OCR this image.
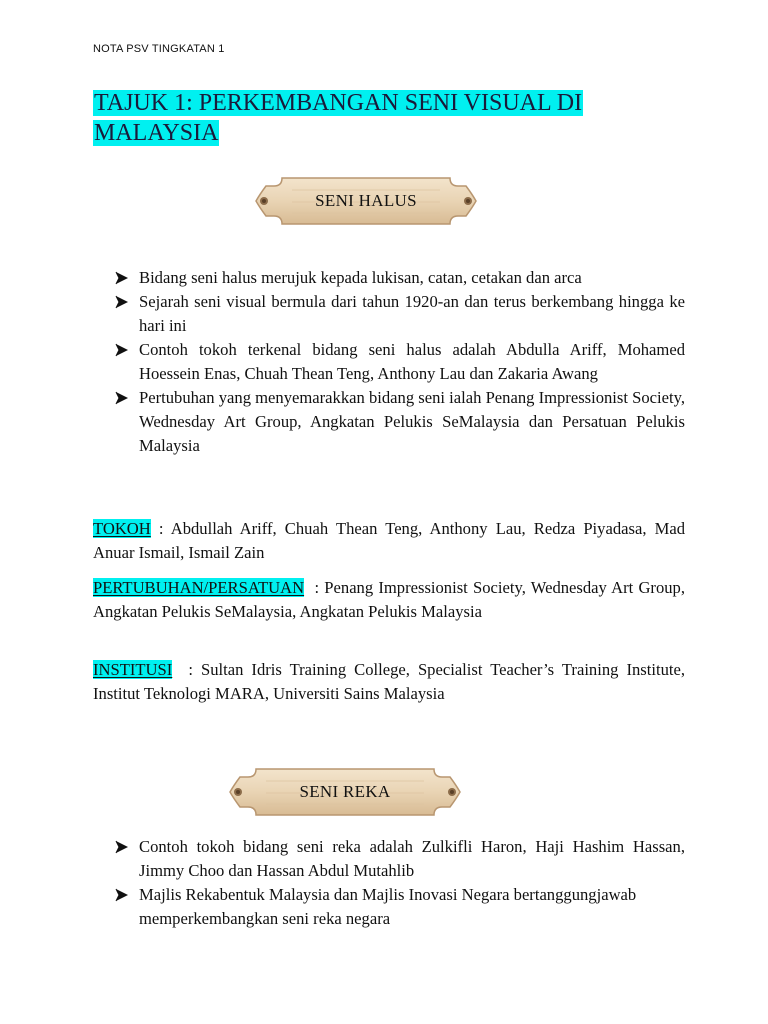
NOTA PSV TINGKATAN 1
TAJUK 1: PERKEMBANGAN SENI VISUAL DI MALAYSIA
SENI HALUS
Bidang seni halus merujuk kepada lukisan, catan, cetakan dan arca
Sejarah seni visual bermula dari tahun 1920-an dan terus berkembang hingga ke hari ini
Contoh tokoh terkenal bidang seni halus adalah Abdulla Ariff, Mohamed Hoessein Enas, Chuah Thean Teng, Anthony Lau dan Zakaria Awang
Pertubuhan yang menyemarakkan bidang seni ialah Penang Impressionist Society, Wednesday Art Group, Angkatan Pelukis SeMalaysia dan Persatuan Pelukis Malaysia
TOKOH : Abdullah Ariff, Chuah Thean Teng, Anthony Lau, Redza Piyadasa, Mad     Anuar Ismail, Ismail Zain
PERTUBUHAN/PERSATUAN  : Penang Impressionist Society, Wednesday Art Group, Angkatan Pelukis SeMalaysia, Angkatan Pelukis Malaysia
INSTITUSI  : Sultan Idris Training College, Specialist Teacher’s Training Institute, Institut Teknologi MARA, Universiti Sains Malaysia
SENI REKA
Contoh tokoh bidang seni reka adalah Zulkifli Haron, Haji Hashim Hassan, Jimmy Choo dan Hassan Abdul Mutahlib
Majlis Rekabentuk Malaysia dan Majlis Inovasi Negara bertanggungjawab memperkembangkan seni reka negara
